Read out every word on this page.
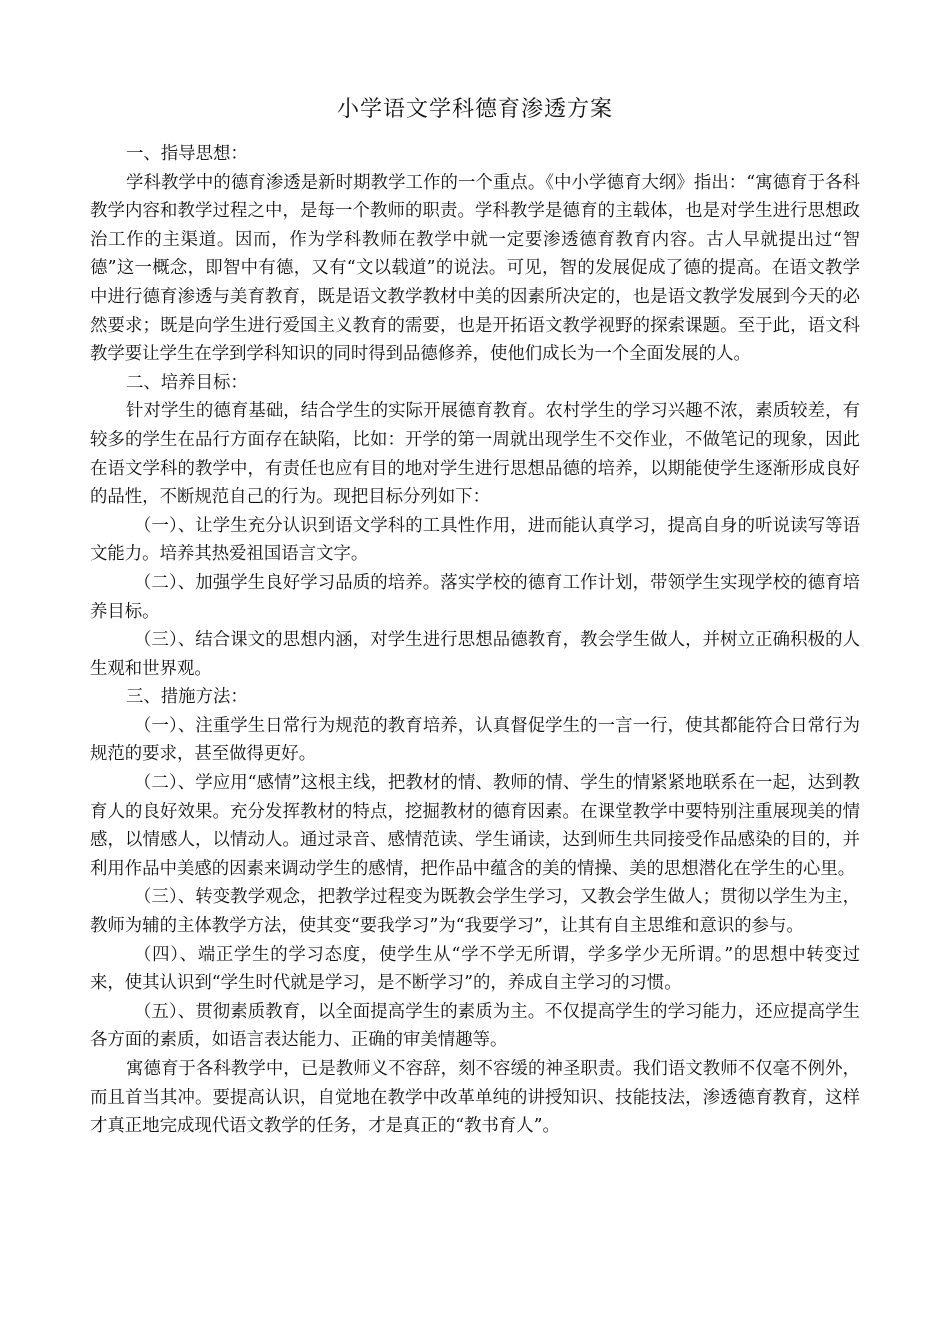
小学语文学科德育渗透方案

一、指导思想：

学科教学中的德育渗透是新时期教学工作的一个重点。《中小学德育大纲》指出：“寓德育于各科教学内容和教学过程之中，是每一个教师的职责。学科教学是德育的主载体，也是对学生进行思想政治工作的主渠道。因而，作为学科教师在教学中就一定要渗透德育教育内容。古人早就提出过“智德”这一概念，即智中有德，又有“文以载道”的说法。可见，智的发展促成了德的提高。在语文教学中进行德育渗透与美育教育，既是语文教学教材中美的因素所决定的，也是语文教学发展到今天的必然要求；既是向学生进行爱国主义教育的需要，也是开拓语文教学视野的探索课题。至于此，语文科教学要让学生在学到学科知识的同时得到品德修养，使他们成长为一个全面发展的人。

二、培养目标：

针对学生的德育基础，结合学生的实际开展德育教育。农村学生的学习兴趣不浓，素质较差，有较多的学生在品行方面存在缺陷，比如：开学的第一周就出现学生不交作业，不做笔记的现象，因此在语文学科的教学中，有责任也应有目的地对学生进行思想品德的培养，以期能使学生逐渐形成良好的品性，不断规范自己的行为。现把目标分列如下：

（一）、让学生充分认识到语文学科的工具性作用，进而能认真学习，提高自身的听说读写等语文能力。培养其热爱祖国语言文字。

（二）、加强学生良好学习品质的培养。落实学校的德育工作计划，带领学生实现学校的德育培养目标。

（三）、结合课文的思想内涵，对学生进行思想品德教育，教会学生做人，并树立正确积极的人生观和世界观。

三、措施方法：

（一）、注重学生日常行为规范的教育培养，认真督促学生的一言一行，使其都能符合日常行为规范的要求，甚至做得更好。

（二）、学应用“感情”这根主线，把教材的情、教师的情、学生的情紧紧地联系在一起，达到教育人的良好效果。充分发挥教材的特点，挖掘教材的德育因素。在课堂教学中要特别注重展现美的情感，以情感人，以情动人。通过录音、感情范读、学生诵读，达到师生共同接受作品感染的目的，并利用作品中美感的因素来调动学生的感情，把作品中蕴含的美的情操、美的思想潜化在学生的心里。

（三）、转变教学观念，把教学过程变为既教会学生学习，又教会学生做人；贯彻以学生为主，教师为辅的主体教学方法，使其变“要我学习”为“我要学习”，让其有自主思维和意识的参与。

（四）、端正学生的学习态度，使学生从“学不学无所谓，学多学少无所谓。”的思想中转变过来，使其认识到“学生时代就是学习，是不断学习”的，养成自主学习的习惯。

（五）、贯彻素质教育，以全面提高学生的素质为主。不仅提高学生的学习能力，还应提高学生各方面的素质，如语言表达能力、正确的审美情趣等。

寓德育于各科教学中，已是教师义不容辞，刻不容缓的神圣职责。我们语文教师不仅毫不例外，而且首当其冲。要提高认识，自觉地在教学中改革单纯的讲授知识、技能技法，渗透德育教育，这样才真正地完成现代语文教学的任务，才是真正的“教书育人”。
